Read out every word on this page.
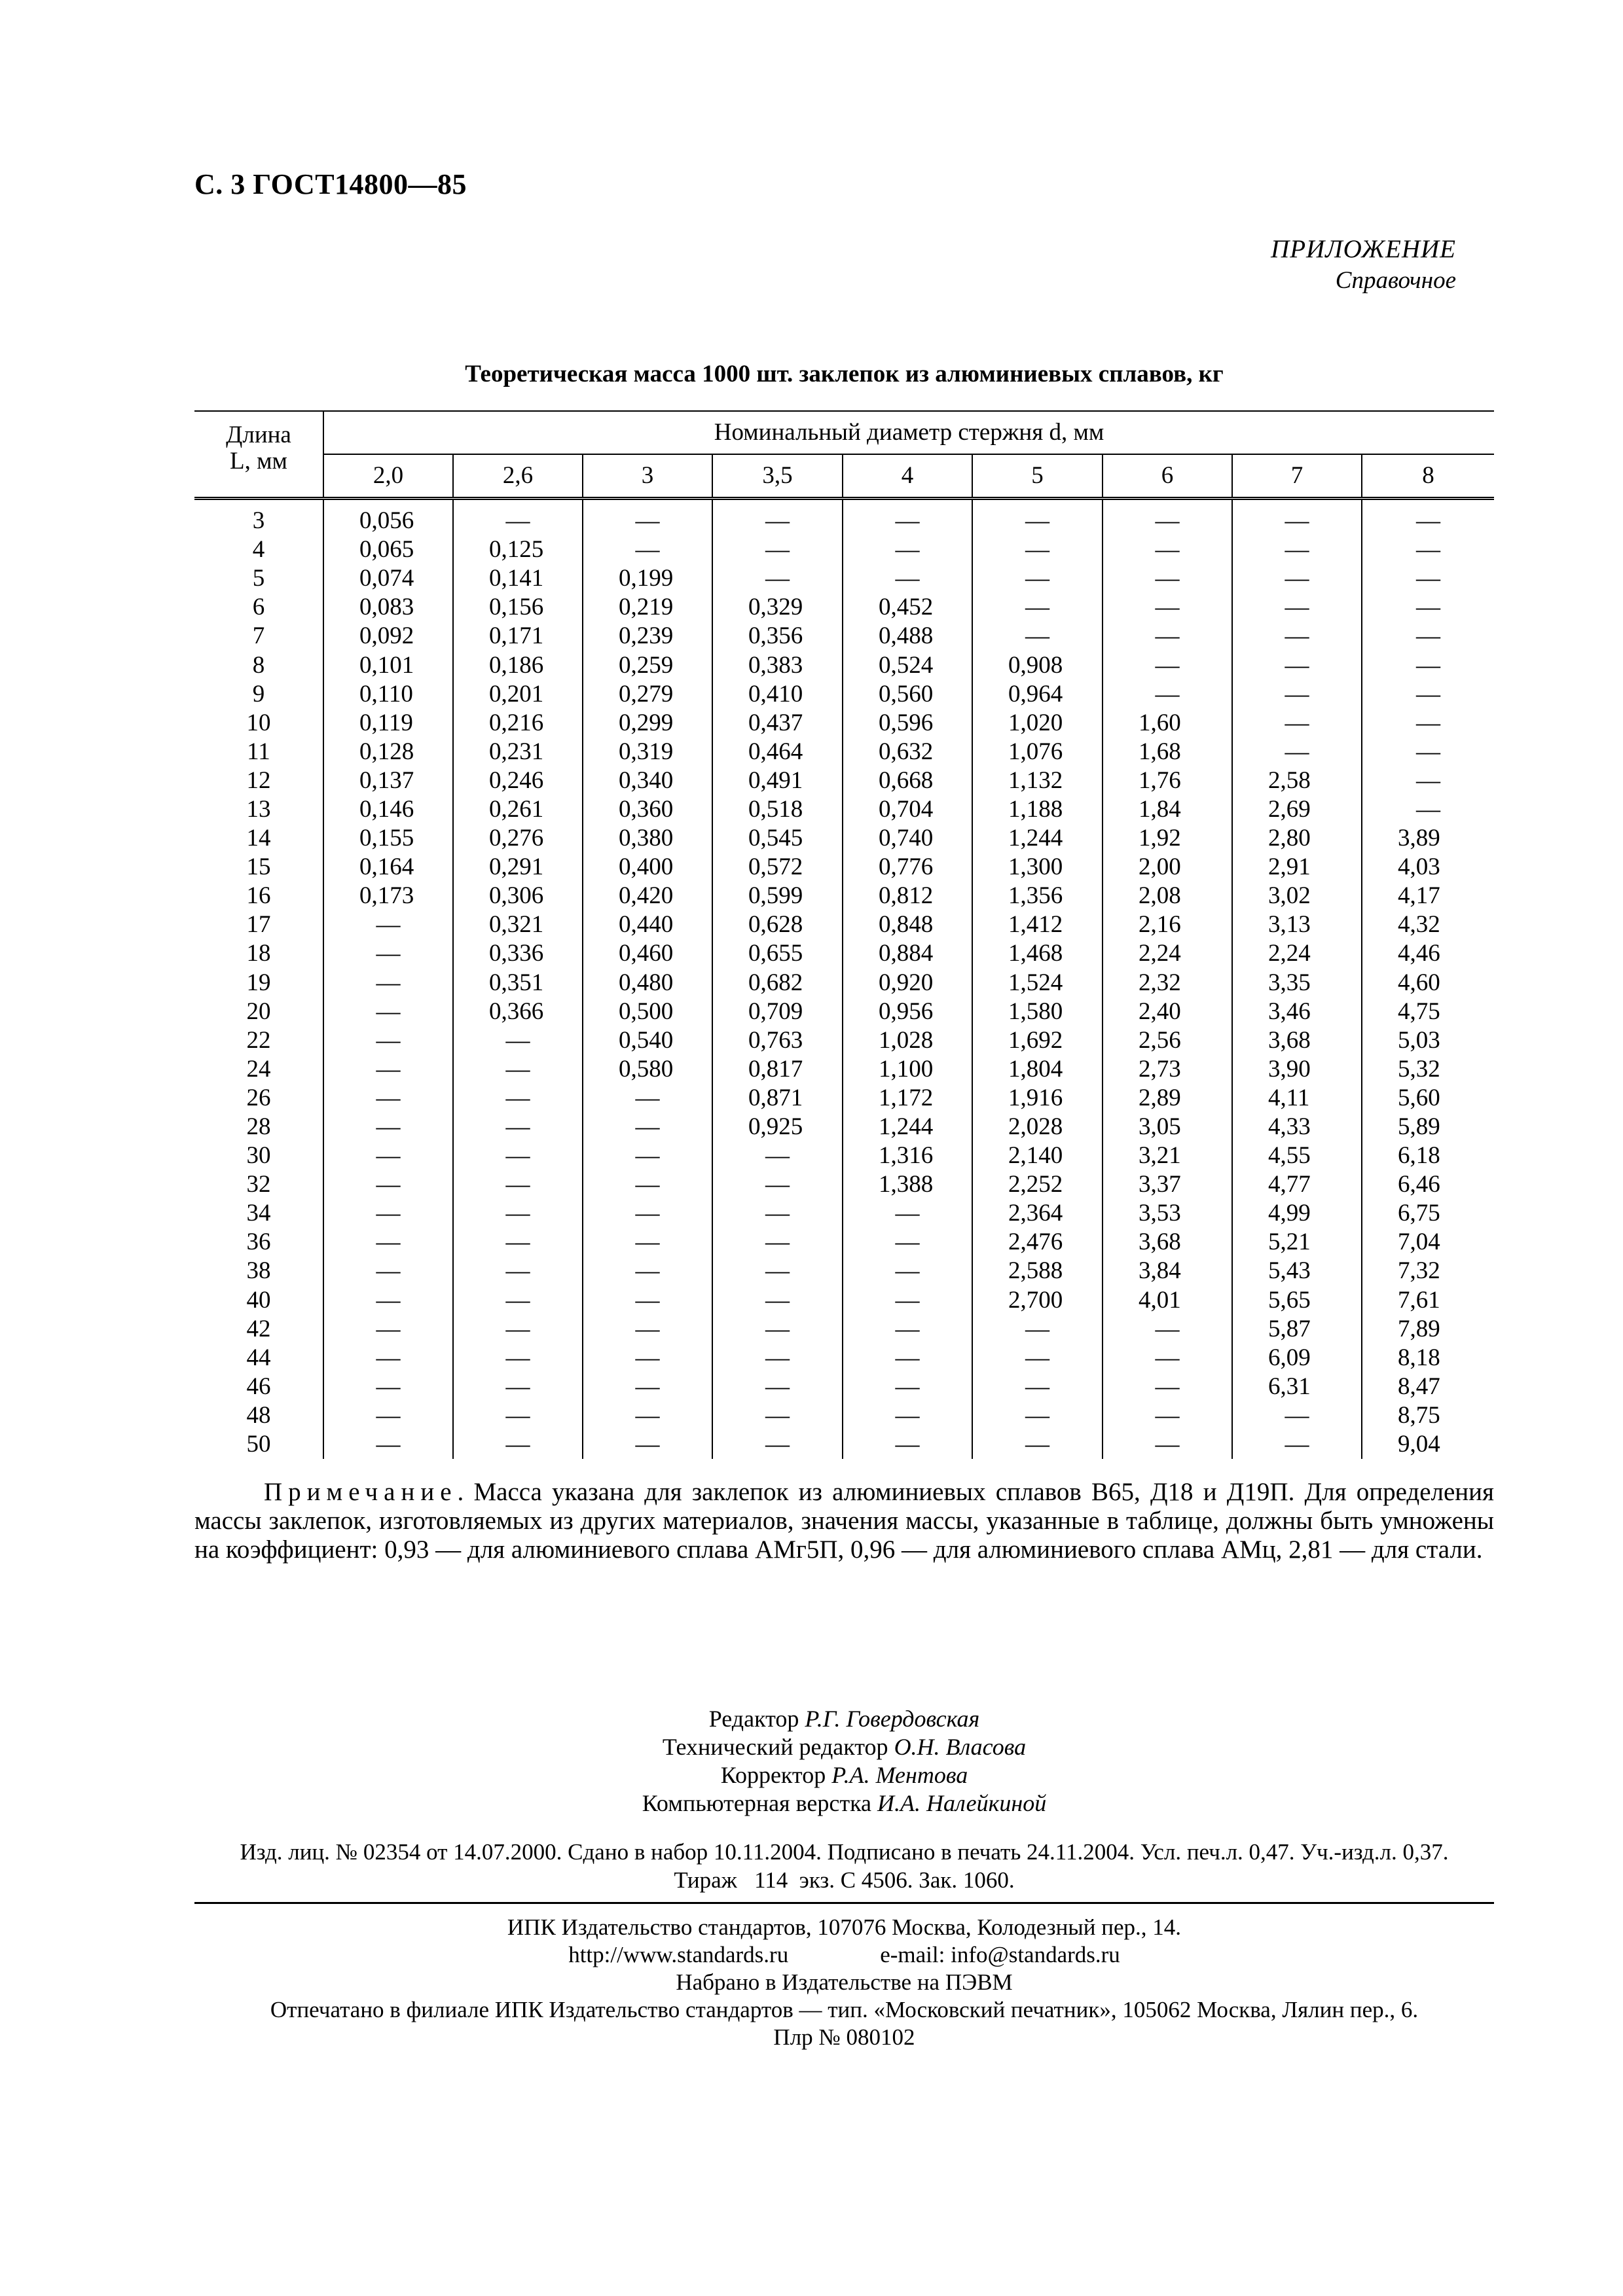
С. 3 ГОСТ14800—85
ПРИЛОЖЕНИЕ
Справочное
Теоретическая масса 1000 шт. заклепок из алюминиевых сплавов, кг
Длина
L, мм	Номинальный диаметр стержня d, мм								
	2,0	2,6	3	3,5	4	5	6	7	8
3	0,056	—	—	—	—	—	—	—	—
4	0,065	0,125	—	—	—	—	—	—	—
5	0,074	0,141	0,199	—	—	—	—	—	—
6	0,083	0,156	0,219	0,329	0,452	—	—	—	—
7	0,092	0,171	0,239	0,356	0,488	—	—	—	—
8	0,101	0,186	0,259	0,383	0,524	0,908	—	—	—
9	0,110	0,201	0,279	0,410	0,560	0,964	—	—	—
10	0,119	0,216	0,299	0,437	0,596	1,020	1,60	—	—
11	0,128	0,231	0,319	0,464	0,632	1,076	1,68	—	—
12	0,137	0,246	0,340	0,491	0,668	1,132	1,76	2,58	—
13	0,146	0,261	0,360	0,518	0,704	1,188	1,84	2,69	—
14	0,155	0,276	0,380	0,545	0,740	1,244	1,92	2,80	3,89
15	0,164	0,291	0,400	0,572	0,776	1,300	2,00	2,91	4,03
16	0,173	0,306	0,420	0,599	0,812	1,356	2,08	3,02	4,17
17	—	0,321	0,440	0,628	0,848	1,412	2,16	3,13	4,32
18	—	0,336	0,460	0,655	0,884	1,468	2,24	2,24	4,46
19	—	0,351	0,480	0,682	0,920	1,524	2,32	3,35	4,60
20	—	0,366	0,500	0,709	0,956	1,580	2,40	3,46	4,75
22	—	—	0,540	0,763	1,028	1,692	2,56	3,68	5,03
24	—	—	0,580	0,817	1,100	1,804	2,73	3,90	5,32
26	—	—	—	0,871	1,172	1,916	2,89	4,11	5,60
28	—	—	—	0,925	1,244	2,028	3,05	4,33	5,89
30	—	—	—	—	1,316	2,140	3,21	4,55	6,18
32	—	—	—	—	1,388	2,252	3,37	4,77	6,46
34	—	—	—	—	—	2,364	3,53	4,99	6,75
36	—	—	—	—	—	2,476	3,68	5,21	7,04
38	—	—	—	—	—	2,588	3,84	5,43	7,32
40	—	—	—	—	—	2,700	4,01	5,65	7,61
42	—	—	—	—	—	—	—	5,87	7,89
44	—	—	—	—	—	—	—	6,09	8,18
46	—	—	—	—	—	—	—	6,31	8,47
48	—	—	—	—	—	—	—	—	8,75
50	—	—	—	—	—	—	—	—	9,04
Примечание. Масса указана для заклепок из алюминиевых сплавов В65, Д18 и Д19П. Для определения массы заклепок, изготовляемых из других материалов, значения массы, указанные в таблице, должны быть умножены на коэффициент: 0,93 — для алюминиевого сплава АМг5П, 0,96 — для алюминиевого сплава АМц, 2,81 — для стали.
Редактор Р.Г. Говердовская
Технический редактор О.Н. Власова
Корректор Р.А. Ментова
Компьютерная верстка И.А. Налейкиной
Изд. лиц. № 02354 от 14.07.2000. Сдано в набор 10.11.2004. Подписано в печать 24.11.2004. Усл. печ.л. 0,47. Уч.-изд.л. 0,37.
Тираж   114  экз. С 4506. Зак. 1060.
ИПК Издательство стандартов, 107076 Москва, Колодезный пер., 14.
http://www.standards.ru	e-mail: info@standards.ru
Набрано в Издательстве на ПЭВМ
Отпечатано в филиале ИПК Издательство стандартов — тип. «Московский печатник», 105062 Москва, Лялин пер., 6.
Плр № 080102
